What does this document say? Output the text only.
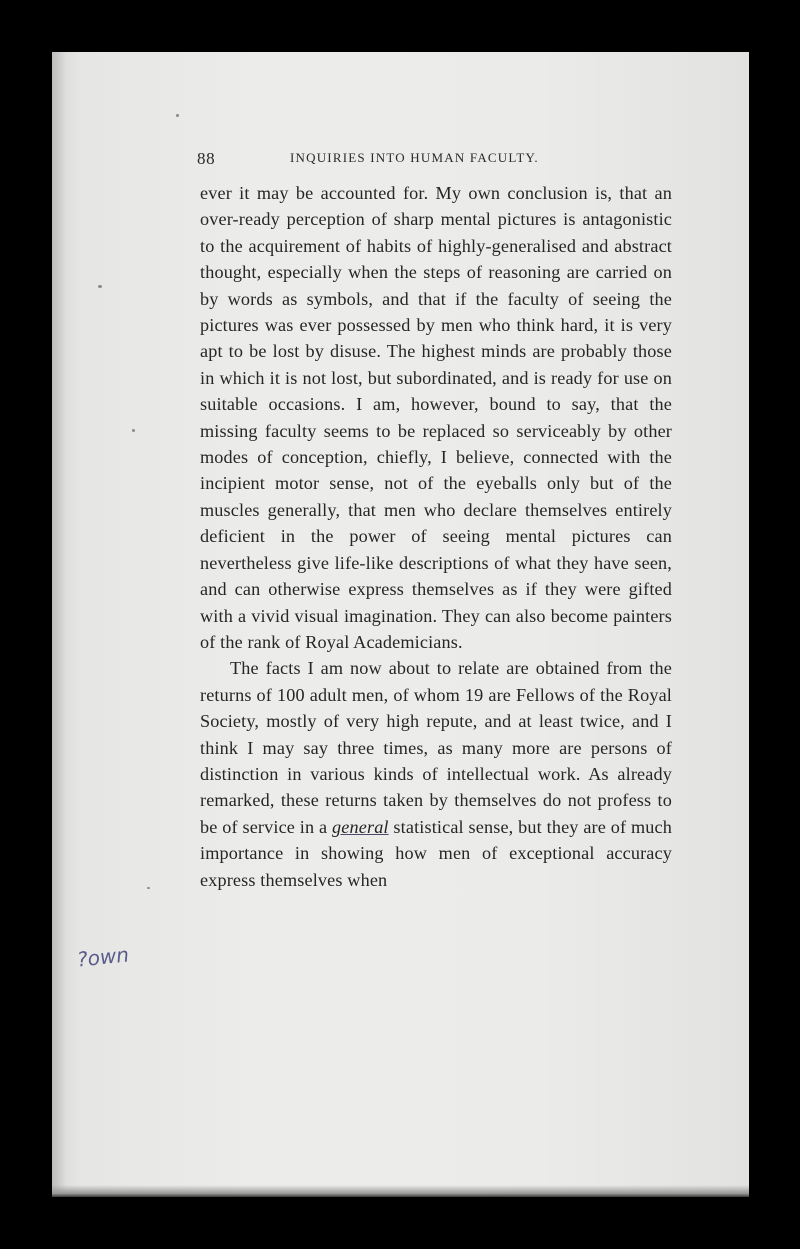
88	INQUIRIES INTO HUMAN FACULTY.

ever it may be accounted for. My own conclusion is, that an over-ready perception of sharp mental pictures is antagonistic to the acquirement of habits of highly-generalised and abstract thought, especially when the steps of reasoning are carried on by words as symbols, and that if the faculty of seeing the pictures was ever possessed by men who think hard, it is very apt to be lost by disuse. The highest minds are probably those in which it is not lost, but subordinated, and is ready for use on suitable occasions. I am, however, bound to say, that the missing faculty seems to be replaced so serviceably by other modes of conception, chiefly, I believe, connected with the incipient motor sense, not of the eyeballs only but of the muscles generally, that men who declare themselves entirely deficient in the power of seeing mental pictures can nevertheless give life-like descriptions of what they have seen, and can otherwise express themselves as if they were gifted with a vivid visual imagination. They can also become painters of the rank of Royal Academicians.

The facts I am now about to relate are obtained from the returns of 100 adult men, of whom 19 are Fellows of the Royal Society, mostly of very high repute, and at least twice, and I think I may say three times, as many more are persons of distinction in various kinds of intellectual work. As already remarked, these returns taken by themselves do not profess to be of service in a general statistical sense, but they are of much importance in showing how men of exceptional accuracy express themselves when

?own
